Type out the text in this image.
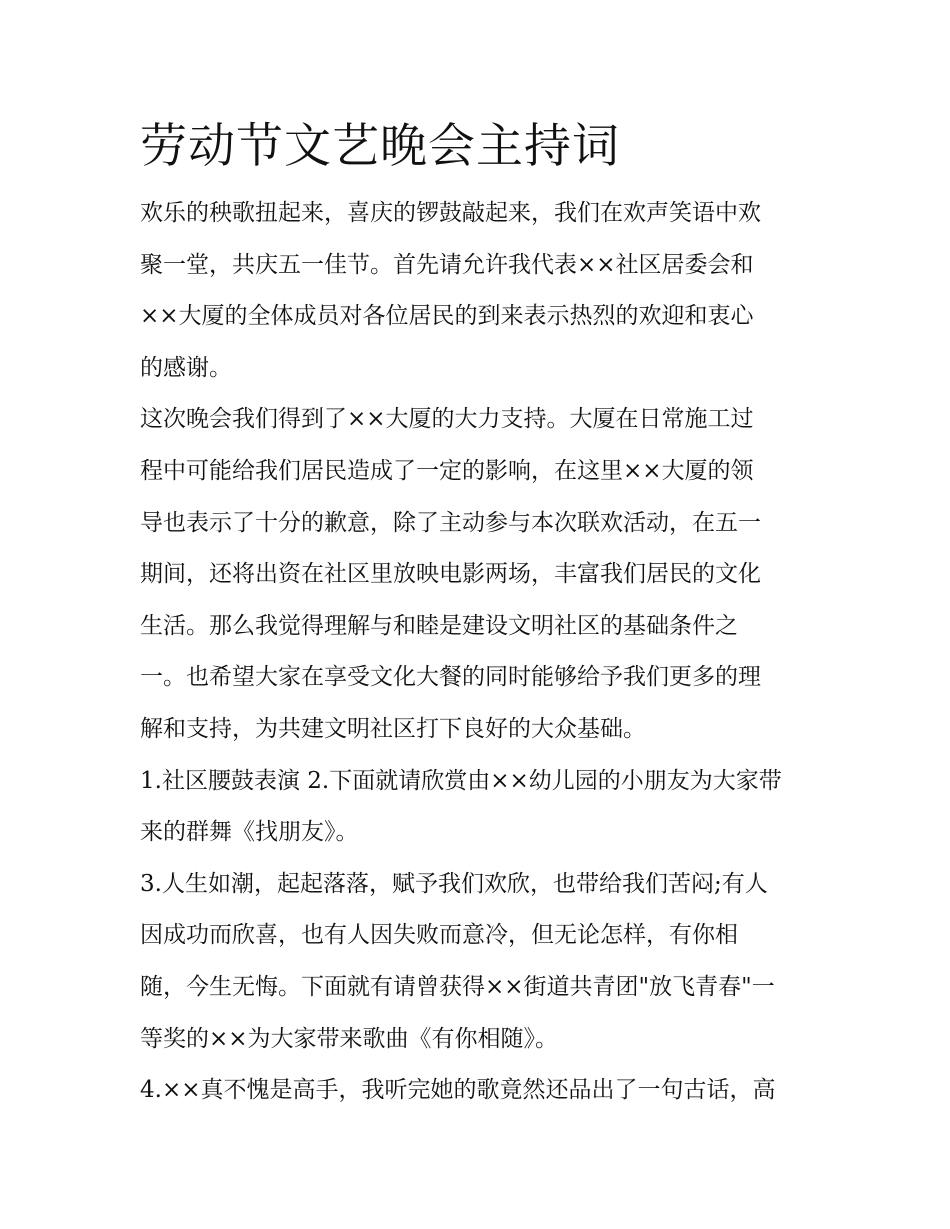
劳动节文艺晚会主持词

欢乐的秧歌扭起来，喜庆的锣鼓敲起来，我们在欢声笑语中欢
聚一堂，共庆五一佳节。首先请允许我代表××社区居委会和
××大厦的全体成员对各位居民的到来表示热烈的欢迎和衷心
的感谢。

这次晚会我们得到了××大厦的大力支持。大厦在日常施工过
程中可能给我们居民造成了一定的影响，在这里××大厦的领
导也表示了十分的歉意，除了主动参与本次联欢活动，在五一
期间，还将出资在社区里放映电影两场，丰富我们居民的文化
生活。那么我觉得理解与和睦是建设文明社区的基础条件之
一。也希望大家在享受文化大餐的同时能够给予我们更多的理
解和支持，为共建文明社区打下良好的大众基础。

1.社区腰鼓表演 2.下面就请欣赏由××幼儿园的小朋友为大家带
来的群舞《找朋友》。

3.人生如潮，起起落落，赋予我们欢欣，也带给我们苦闷;有人
因成功而欣喜，也有人因失败而意冷，但无论怎样，有你相
随，今生无悔。下面就有请曾获得××街道共青团"放飞青春"一
等奖的××为大家带来歌曲《有你相随》。

4.××真不愧是高手，我听完她的歌竟然还品出了一句古话，高
